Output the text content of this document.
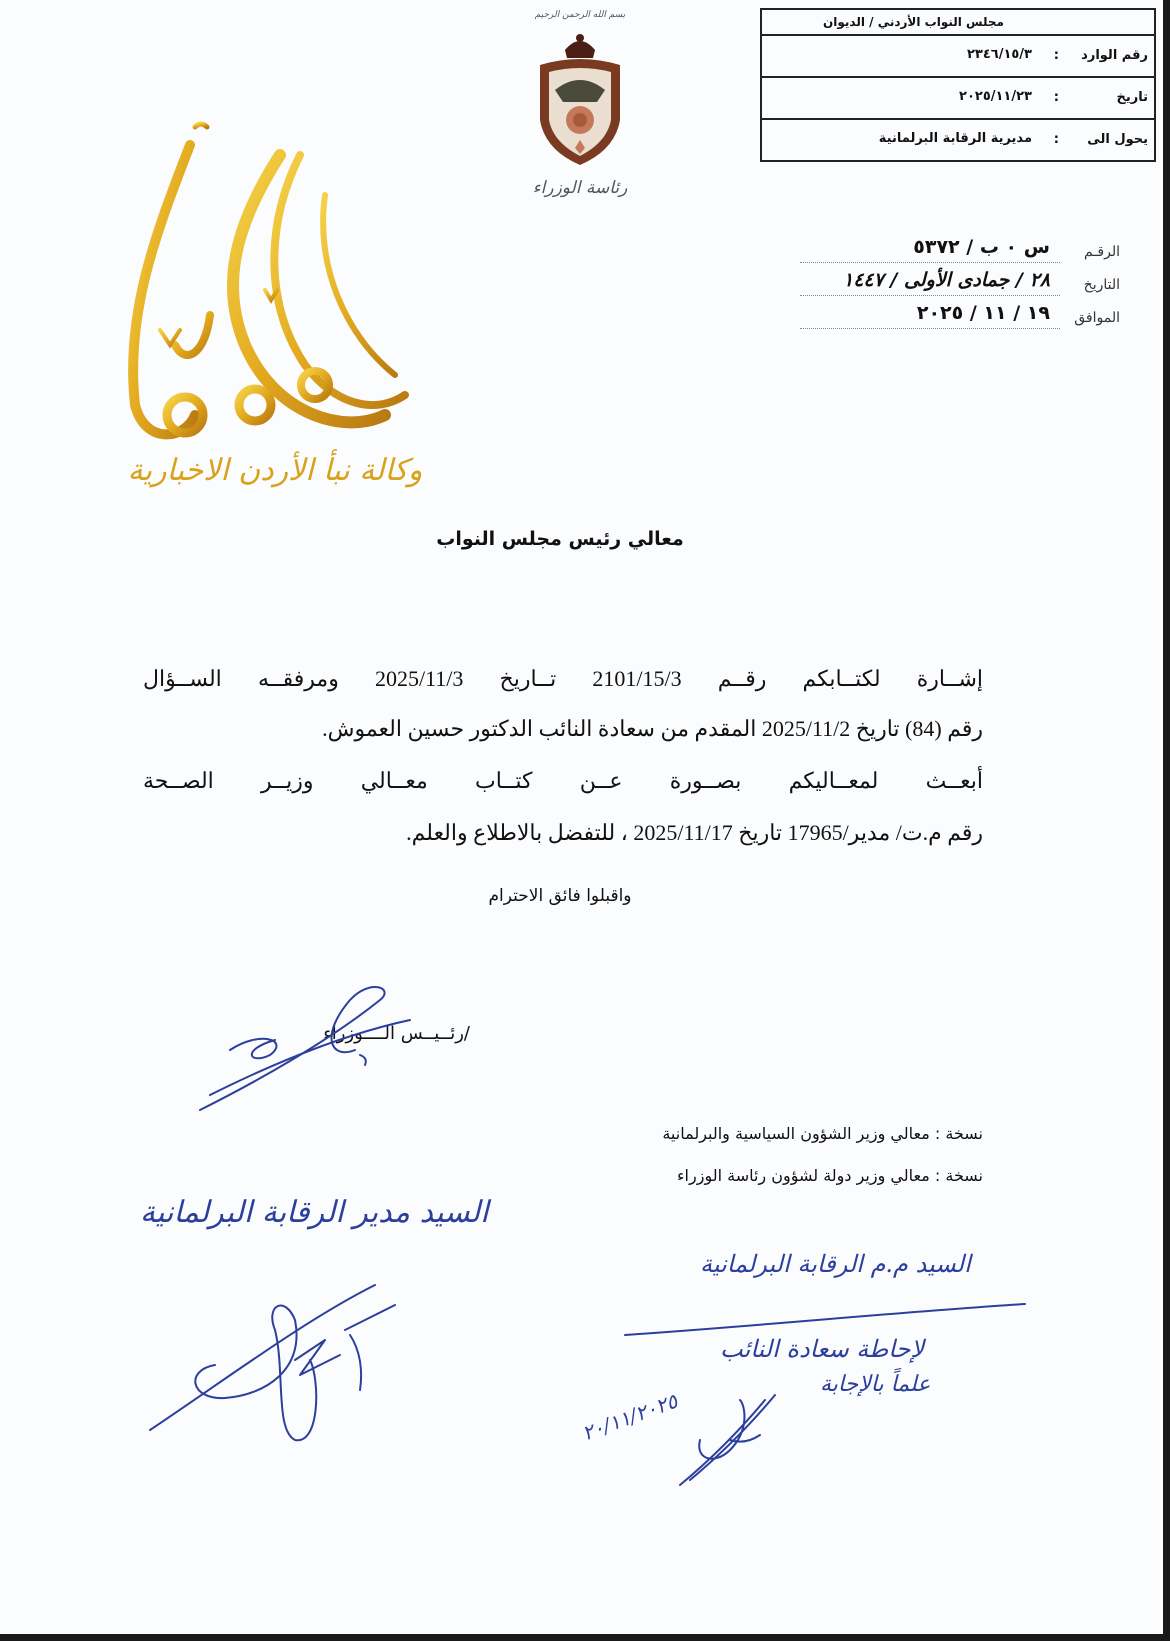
وكالة نبأ الأردن الاخبارية
بسم الله الرحمن الرحيم
رئاسة الوزراء
مجلس النواب الأردني / الديوان
رقم الوارد
:
٢٣٤٦/١٥/٣
تاريخ
:
٢٠٢٥/١١/٢٣
يحول الى
:
مديرية الرقابة البرلمانية
الرقـم
س ٠ ب / ٥٣٧٢
التاريخ
٢٨ / جمادى الأولى / ١٤٤٧
الموافق
١٩ / ١١ / ٢٠٢٥
معالي رئيس مجلس النواب
إشــارة لكتــابكم رقــم 2101/15/3 تــاريخ 2025/11/3 ومرفقــه الســؤال
رقم (84) تاريخ 2025/11/2 المقدم من سعادة النائب الدكتور حسين العموش.
أبعــث لمعــاليكم بصــورة عــن كتــاب معــالي وزيــر الصــحة
رقم م.ت/ مدير/17965 تاريخ 2025/11/17 ، للتفضل بالاطلاع والعلم.
واقبلوا فائق الاحترام
/رئــيــس الــــوزراء
نسخة : معالي وزير الشؤون السياسية والبرلمانية
نسخة : معالي وزير دولة لشؤون رئاسة الوزراء
السيد مدير الرقابة البرلمانية
السيد م.م الرقابة البرلمانية
لإحاطة سعادة النائب
علماً بالإجابة
٢٠/١١/٢٠٢٥
